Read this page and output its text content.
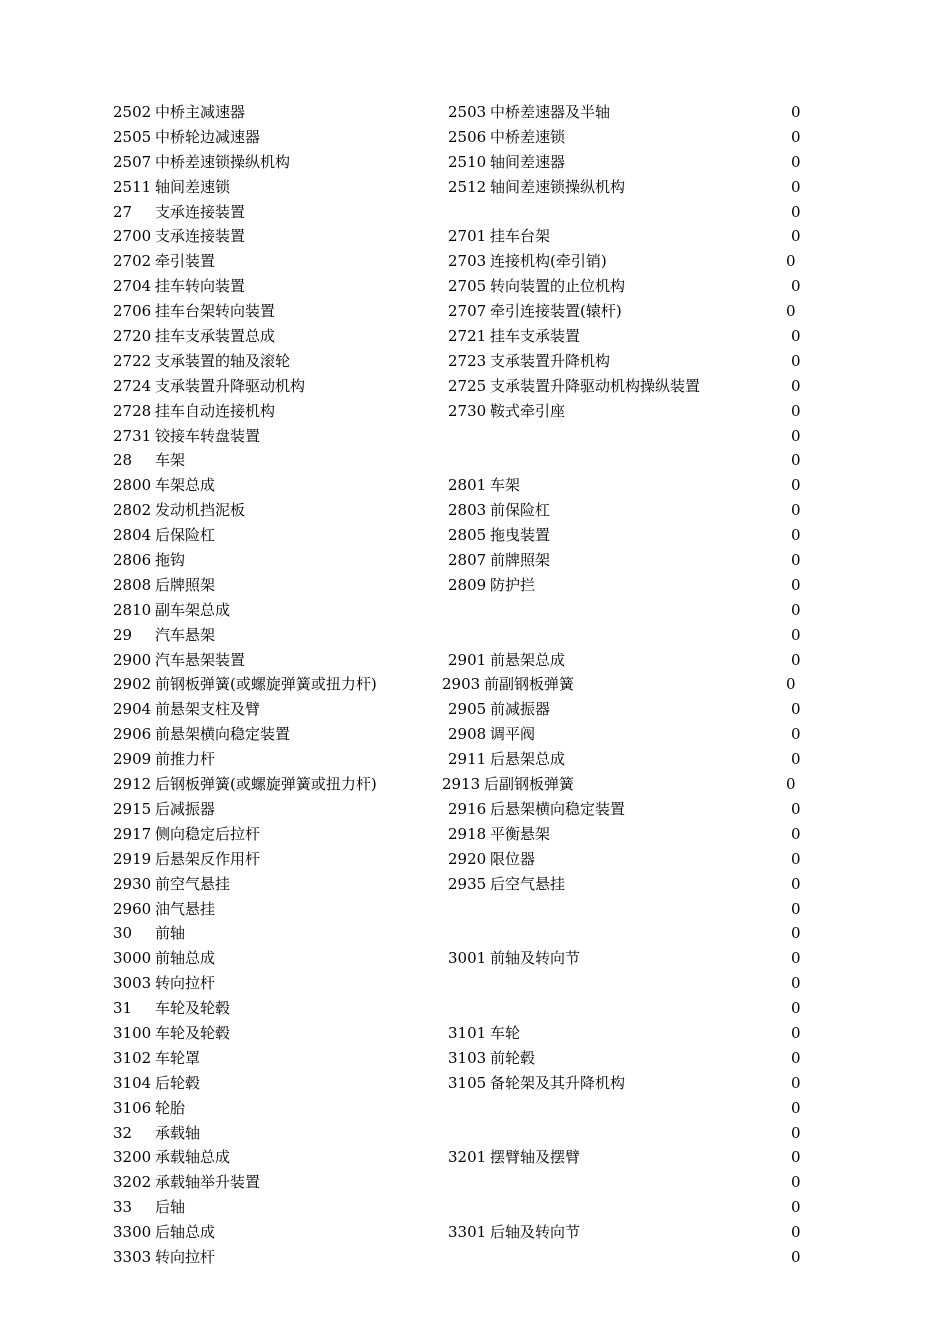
2502 中桥主减速器	2503 中桥差速器及半轴	0
2505 中桥轮边减速器	2506 中桥差速锁	0
2507 中桥差速锁操纵机构	2510 轴间差速器	0
2511 轴间差速锁	2512 轴间差速锁操纵机构	0
27 支承连接装置	0
2700 支承连接装置	2701 挂车台架	0
2702 牵引装置	2703 连接机构(牵引销)	0
2704 挂车转向装置	2705 转向装置的止位机构	0
2706 挂车台架转向装置	2707 牵引连接装置(辕杆)	0
2720 挂车支承装置总成	2721 挂车支承装置	0
2722 支承装置的轴及滚轮	2723 支承装置升降机构	0
2724 支承装置升降驱动机构	2725 支承装置升降驱动机构操纵装置	0
2728 挂车自动连接机构	2730 鞍式牵引座	0
2731 铰接车转盘装置	0
28 车架	0
2800 车架总成	2801 车架	0
2802 发动机挡泥板	2803 前保险杠	0
2804 后保险杠	2805 拖曳装置	0
2806 拖钩	2807 前牌照架	0
2808 后牌照架	2809 防护拦	0
2810 副车架总成	0
29 汽车悬架	0
2900 汽车悬架装置	2901 前悬架总成	0
2902 前钢板弹簧(或螺旋弹簧或扭力杆)	2903 前副钢板弹簧	0
2904 前悬架支柱及臂	2905 前减振器	0
2906 前悬架横向稳定装置	2908 调平阀	0
2909 前推力杆	2911 后悬架总成	0
2912 后钢板弹簧(或螺旋弹簧或扭力杆)	2913 后副钢板弹簧	0
2915 后减振器	2916 后悬架横向稳定装置	0
2917 侧向稳定后拉杆	2918 平衡悬架	0
2919 后悬架反作用杆	2920 限位器	0
2930 前空气悬挂	2935 后空气悬挂	0
2960 油气悬挂	0
30 前轴	0
3000 前轴总成	3001 前轴及转向节	0
3003 转向拉杆	0
31 车轮及轮毂	0
3100 车轮及轮毂	3101 车轮	0
3102 车轮罩	3103 前轮毂	0
3104 后轮毂	3105 备轮架及其升降机构	0
3106 轮胎	0
32 承载轴	0
3200 承载轴总成	3201 摆臂轴及摆臂	0
3202 承载轴举升装置	0
33 后轴	0
3300 后轴总成	3301 后轴及转向节	0
3303 转向拉杆	0
